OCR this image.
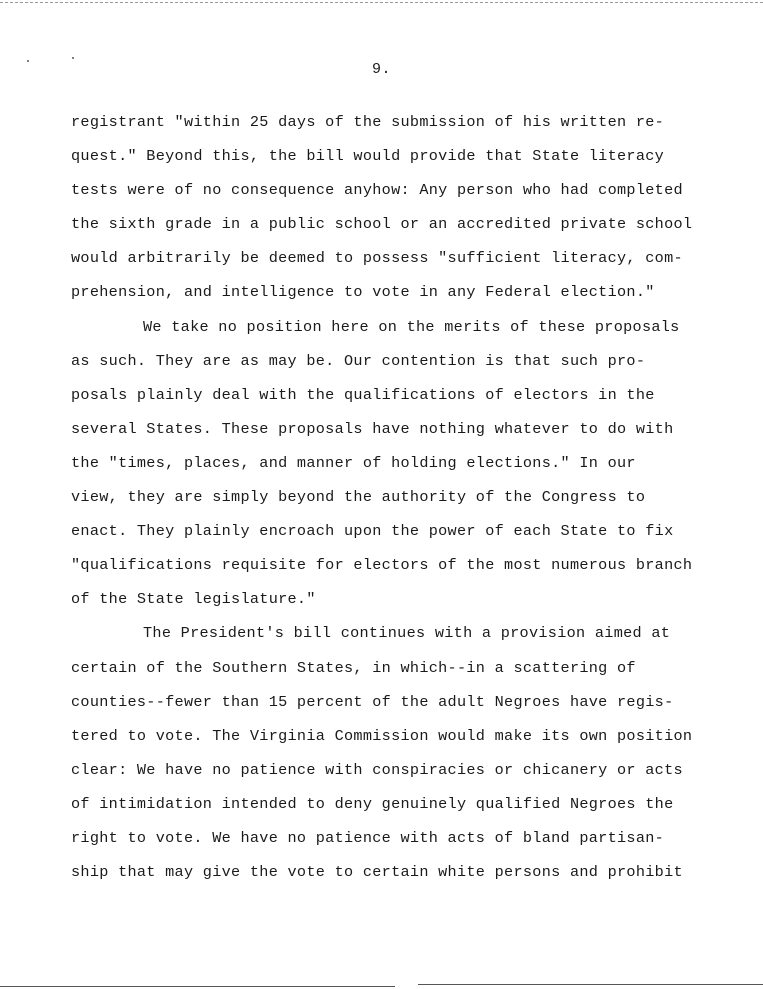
9.
registrant "within 25 days of the submission of his written re-
quest." Beyond this, the bill would provide that State literacy
tests were of no consequence anyhow: Any person who had completed
the sixth grade in a public school or an accredited private school
would arbitrarily be deemed to possess "sufficient literacy, com-
prehension, and intelligence to vote in any Federal election."
We take no position here on the merits of these proposals
as such. They are as may be. Our contention is that such pro-
posals plainly deal with the qualifications of electors in the
several States. These proposals have nothing whatever to do with
the "times, places, and manner of holding elections." In our
view, they are simply beyond the authority of the Congress to
enact. They plainly encroach upon the power of each State to fix
"qualifications requisite for electors of the most numerous branch
of the State legislature."
The President's bill continues with a provision aimed at
certain of the Southern States, in which--in a scattering of
counties--fewer than 15 percent of the adult Negroes have regis-
tered to vote. The Virginia Commission would make its own position
clear: We have no patience with conspiracies or chicanery or acts
of intimidation intended to deny genuinely qualified Negroes the
right to vote. We have no patience with acts of bland partisan-
ship that may give the vote to certain white persons and prohibit
